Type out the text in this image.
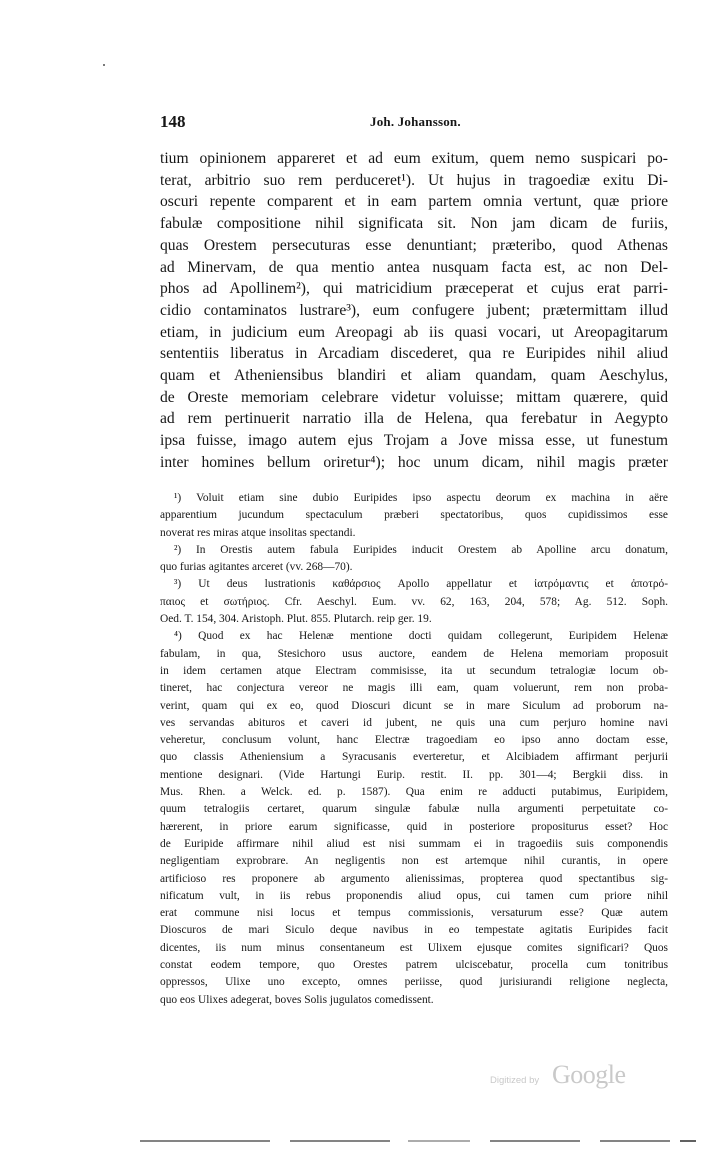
148	Joh. Johansson.
tium opinionem appareret et ad eum exitum, quem nemo suspicari po-
terat, arbitrio suo rem perduceret¹). Ut hujus in tragoediæ exitu Di-
oscuri repente comparent et in eam partem omnia vertunt, quæ priore
fabulæ compositione nihil significata sit. Non jam dicam de furiis,
quas Orestem persecuturas esse denuntiant; præteribo, quod Athenas
ad Minervam, de qua mentio antea nusquam facta est, ac non Del-
phos ad Apollinem²), qui matricidium præceperat et cujus erat parri-
cidio contaminatos lustrare³), eum confugere jubent; prætermittam illud
etiam, in judicium eum Areopagi ab iis quasi vocari, ut Areopagitarum
sententiis liberatus in Arcadiam discederet, qua re Euripides nihil aliud
quam et Atheniensibus blandiri et aliam quandam, quam Aeschylus,
de Oreste memoriam celebrare videtur voluisse; mittam quærere, quid
ad rem pertinuerit narratio illa de Helena, qua ferebatur in Aegypto
ipsa fuisse, imago autem ejus Trojam a Jove missa esse, ut funestum
inter homines bellum oriretur⁴); hoc unum dicam, nihil magis præter
¹) Voluit etiam sine dubio Euripides ipso aspectu deorum ex machina in aëre
apparentium jucundum spectaculum præberi spectatoribus, quos cupidissimos esse
noverat res miras atque insolitas spectandi.
²) In Orestis autem fabula Euripides inducit Orestem ab Apolline arcu donatum,
quo furias agitantes arceret (vv. 268—70).
³) Ut deus lustrationis καθάρσιος Apollo appellatur et ἰατρόμαντις et ἀποτρό-
παιος et σωτήριος. Cfr. Aeschyl. Eum. vv. 62, 163, 204, 578; Ag. 512. Soph.
Oed. T. 154, 304. Aristoph. Plut. 855. Plutarch. reip ger. 19.
⁴) Quod ex hac Helenæ mentione docti quidam collegerunt, Euripidem Helenæ
fabulam, in qua, Stesichoro usus auctore, eandem de Helena memoriam proposuit
in idem certamen atque Electram commisisse, ita ut secundum tetralogiæ locum ob-
tineret, hac conjectura vereor ne magis illi eam, quam voluerunt, rem non proba-
verint, quam qui ex eo, quod Dioscuri dicunt se in mare Siculum ad proborum na-
ves servandas abituros et caveri id jubent, ne quis una cum perjuro homine navi
veheretur, conclusum volunt, hanc Electræ tragoediam eo ipso anno doctam esse,
quo classis Atheniensium a Syracusanis everteretur, et Alcibiadem affirmant perjurii
mentione designari. (Vide Hartungi Eurip. restit. II. pp. 301—4; Bergkii diss. in
Mus. Rhen. a Welck. ed. p. 1587). Qua enim re adducti putabimus, Euripidem,
quum tetralogiis certaret, quarum singulæ fabulæ nulla argumenti perpetuitate co-
hærerent, in priore earum significasse, quid in posteriore propositurus esset? Hoc
de Euripide affirmare nihil aliud est nisi summam ei in tragoediis suis componendis
negligentiam exprobrare. An negligentis non est artemque nihil curantis, in opere
artificioso res proponere ab argumento alienissimas, propterea quod spectantibus sig-
nificatum vult, in iis rebus proponendis aliud opus, cui tamen cum priore nihil
erat commune nisi locus et tempus commissionis, versaturum esse? Quæ autem
Dioscuros de mari Siculo deque navibus in eo tempestate agitatis Euripides facit
dicentes, iis num minus consentaneum est Ulixem ejusque comites significari? Quos
constat eodem tempore, quo Orestes patrem ulciscebatur, procella cum tonitribus
oppressos, Ulixe uno excepto, omnes periisse, quod jurisiurandi religione neglecta,
quo eos Ulixes adegerat, boves Solis jugulatos comedissent.
Digitized by Google
